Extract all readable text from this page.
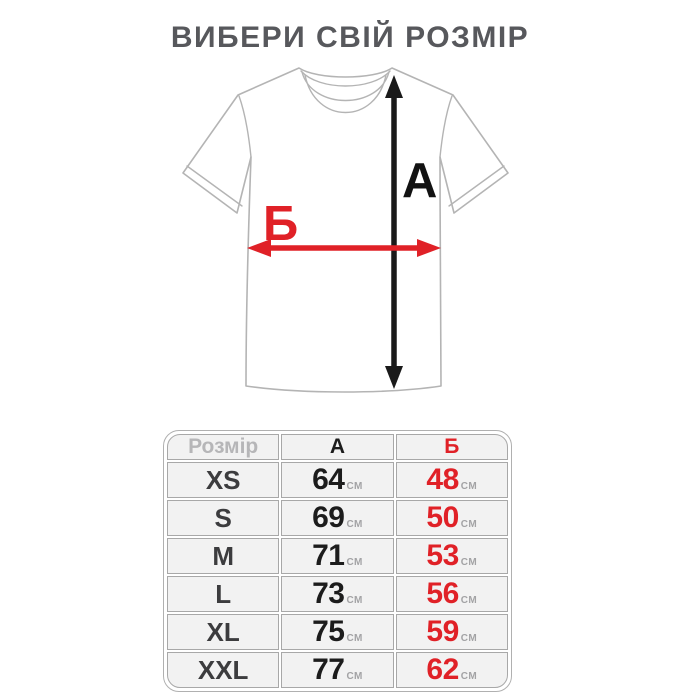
ВИБЕРИ СВІЙ РОЗМІР
А
Б
Розмір	А	Б
XS	64 СМ	48 СМ
S	69 СМ	50 СМ
M	71 СМ	53 СМ
L	73 СМ	56 СМ
XL	75 СМ	59 СМ
XXL	77 СМ	62 СМ
